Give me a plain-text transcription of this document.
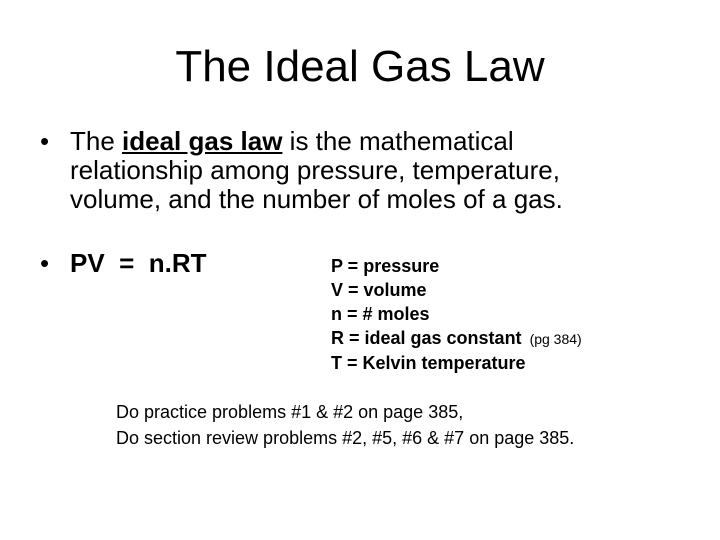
The Ideal Gas Law
• The ideal gas law is the mathematical relationship among pressure, temperature, volume, and the number of moles of a gas.
• PV  =  n.RT	P = pressure
V = volume
n = # moles
R = ideal gas constant (pg 384)
T = Kelvin temperature
Do practice problems #1 & #2 on page 385,
Do section review problems #2, #5, #6 & #7 on page 385.
